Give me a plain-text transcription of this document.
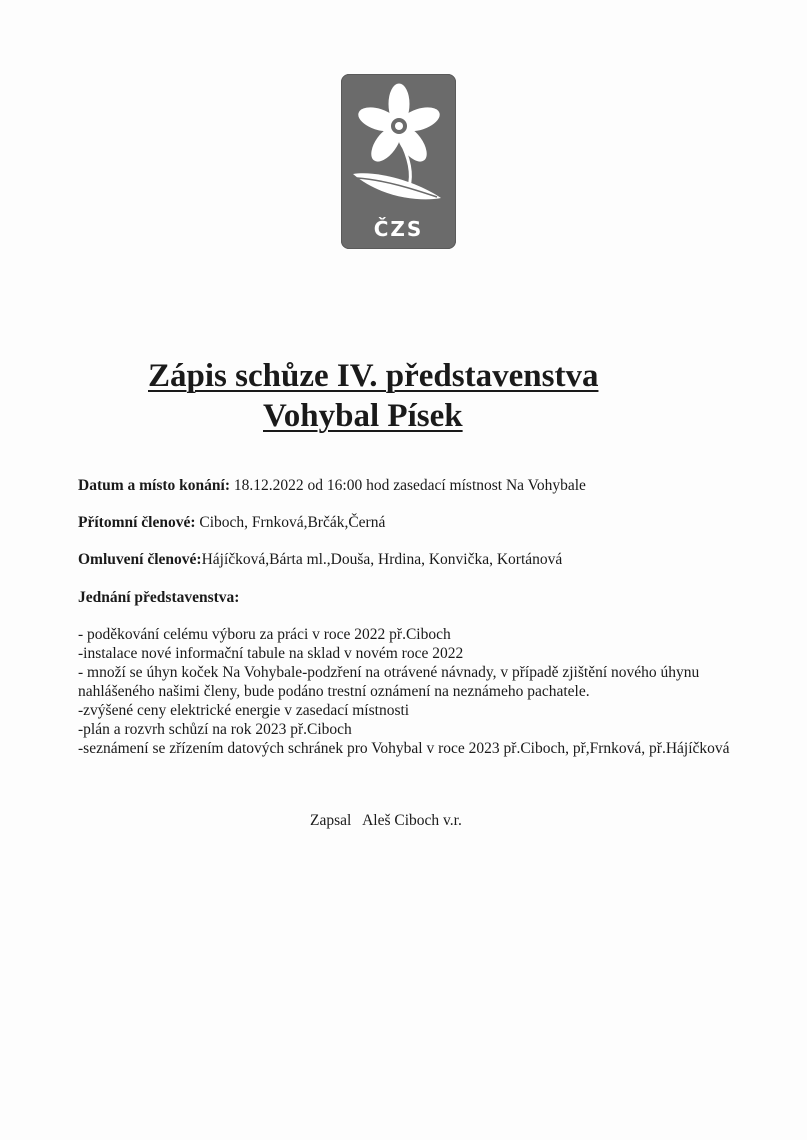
ČZS
Zápis schůze IV. představenstva
Vohybal Písek
Datum a místo konání: 18.12.2022 od 16:00 hod zasedací místnost Na Vohybale
Přítomní členové: Ciboch, Frnková,Brčák,Černá
Omluvení členové:Hájíčková,Bárta ml.,Douša, Hrdina, Konvička, Kortánová
Jednání představenstva:
- poděkování celému výboru za práci v roce 2022 př.Ciboch
-instalace nové informační tabule na sklad v novém roce 2022
- množí se úhyn koček Na Vohybale-podzření na otrávené návnady, v případě zjištění nového úhynu nahlášeného našimi členy, bude podáno trestní oznámení na neznámeho pachatele.
-zvýšené ceny elektrické energie v zasedací místnosti
-plán a rozvrh schůzí na rok 2023 př.Ciboch
-seznámení se zřízením datových schránek pro Vohybal v roce 2023 př.Ciboch, př,Frnková, př.Hájíčková
Zapsal   Aleš Ciboch v.r.
